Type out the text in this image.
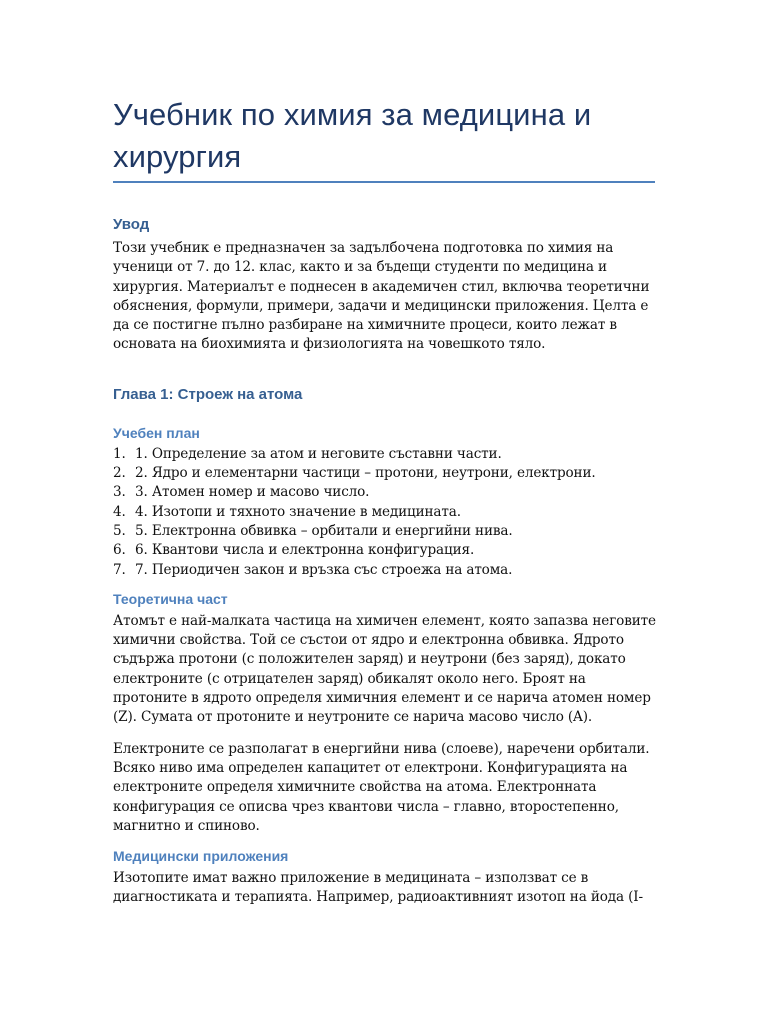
Учебник по химия за медицина и хирургия
Увод

Този учебник е предназначен за задълбочена подготовка по химия на ученици от 7. до 12. клас, както и за бъдещи студенти по медицина и хирургия. Материалът е поднесен в академичен стил, включва теоретични обяснения, формули, примери, задачи и медицински приложения. Целта е да се постигне пълно разбиране на химичните процеси, които лежат в основата на биохимията и физиологията на човешкото тяло.

Глава 1: Строеж на атома
Учебен план
1. 1. Определение за атом и неговите съставни части.
2. 2. Ядро и елементарни частици – протони, неутрони, електрони.
3. 3. Атомен номер и масово число.
4. 4. Изотопи и тяхното значение в медицината.
5. 5. Електронна обвивка – орбитали и енергийни нива.
6. 6. Квантови числа и електронна конфигурация.
7. 7. Периодичен закон и връзка със строежа на атома.
Теоретична част

Атомът е най-малката частица на химичен елемент, която запазва неговите химични свойства. Той се състои от ядро и електронна обвивка. Ядрото съдържа протони (с положителен заряд) и неутрони (без заряд), докато електроните (с отрицателен заряд) обикалят около него. Броят на протоните в ядрото определя химичния елемент и се нарича атомен номер (Z). Сумата от протоните и неутроните се нарича масово число (A).

Електроните се разполагат в енергийни нива (слоеве), наречени орбитали. Всяко ниво има определен капацитет от електрони. Конфигурацията на електроните определя химичните свойства на атома. Електронната конфигурация се описва чрез квантови числа – главно, второстепенно, магнитно и спиново.

Медицински приложения

Изотопите имат важно приложение в медицината – използват се в диагностиката и терапията. Например, радиоактивният изотоп на йода (I-
